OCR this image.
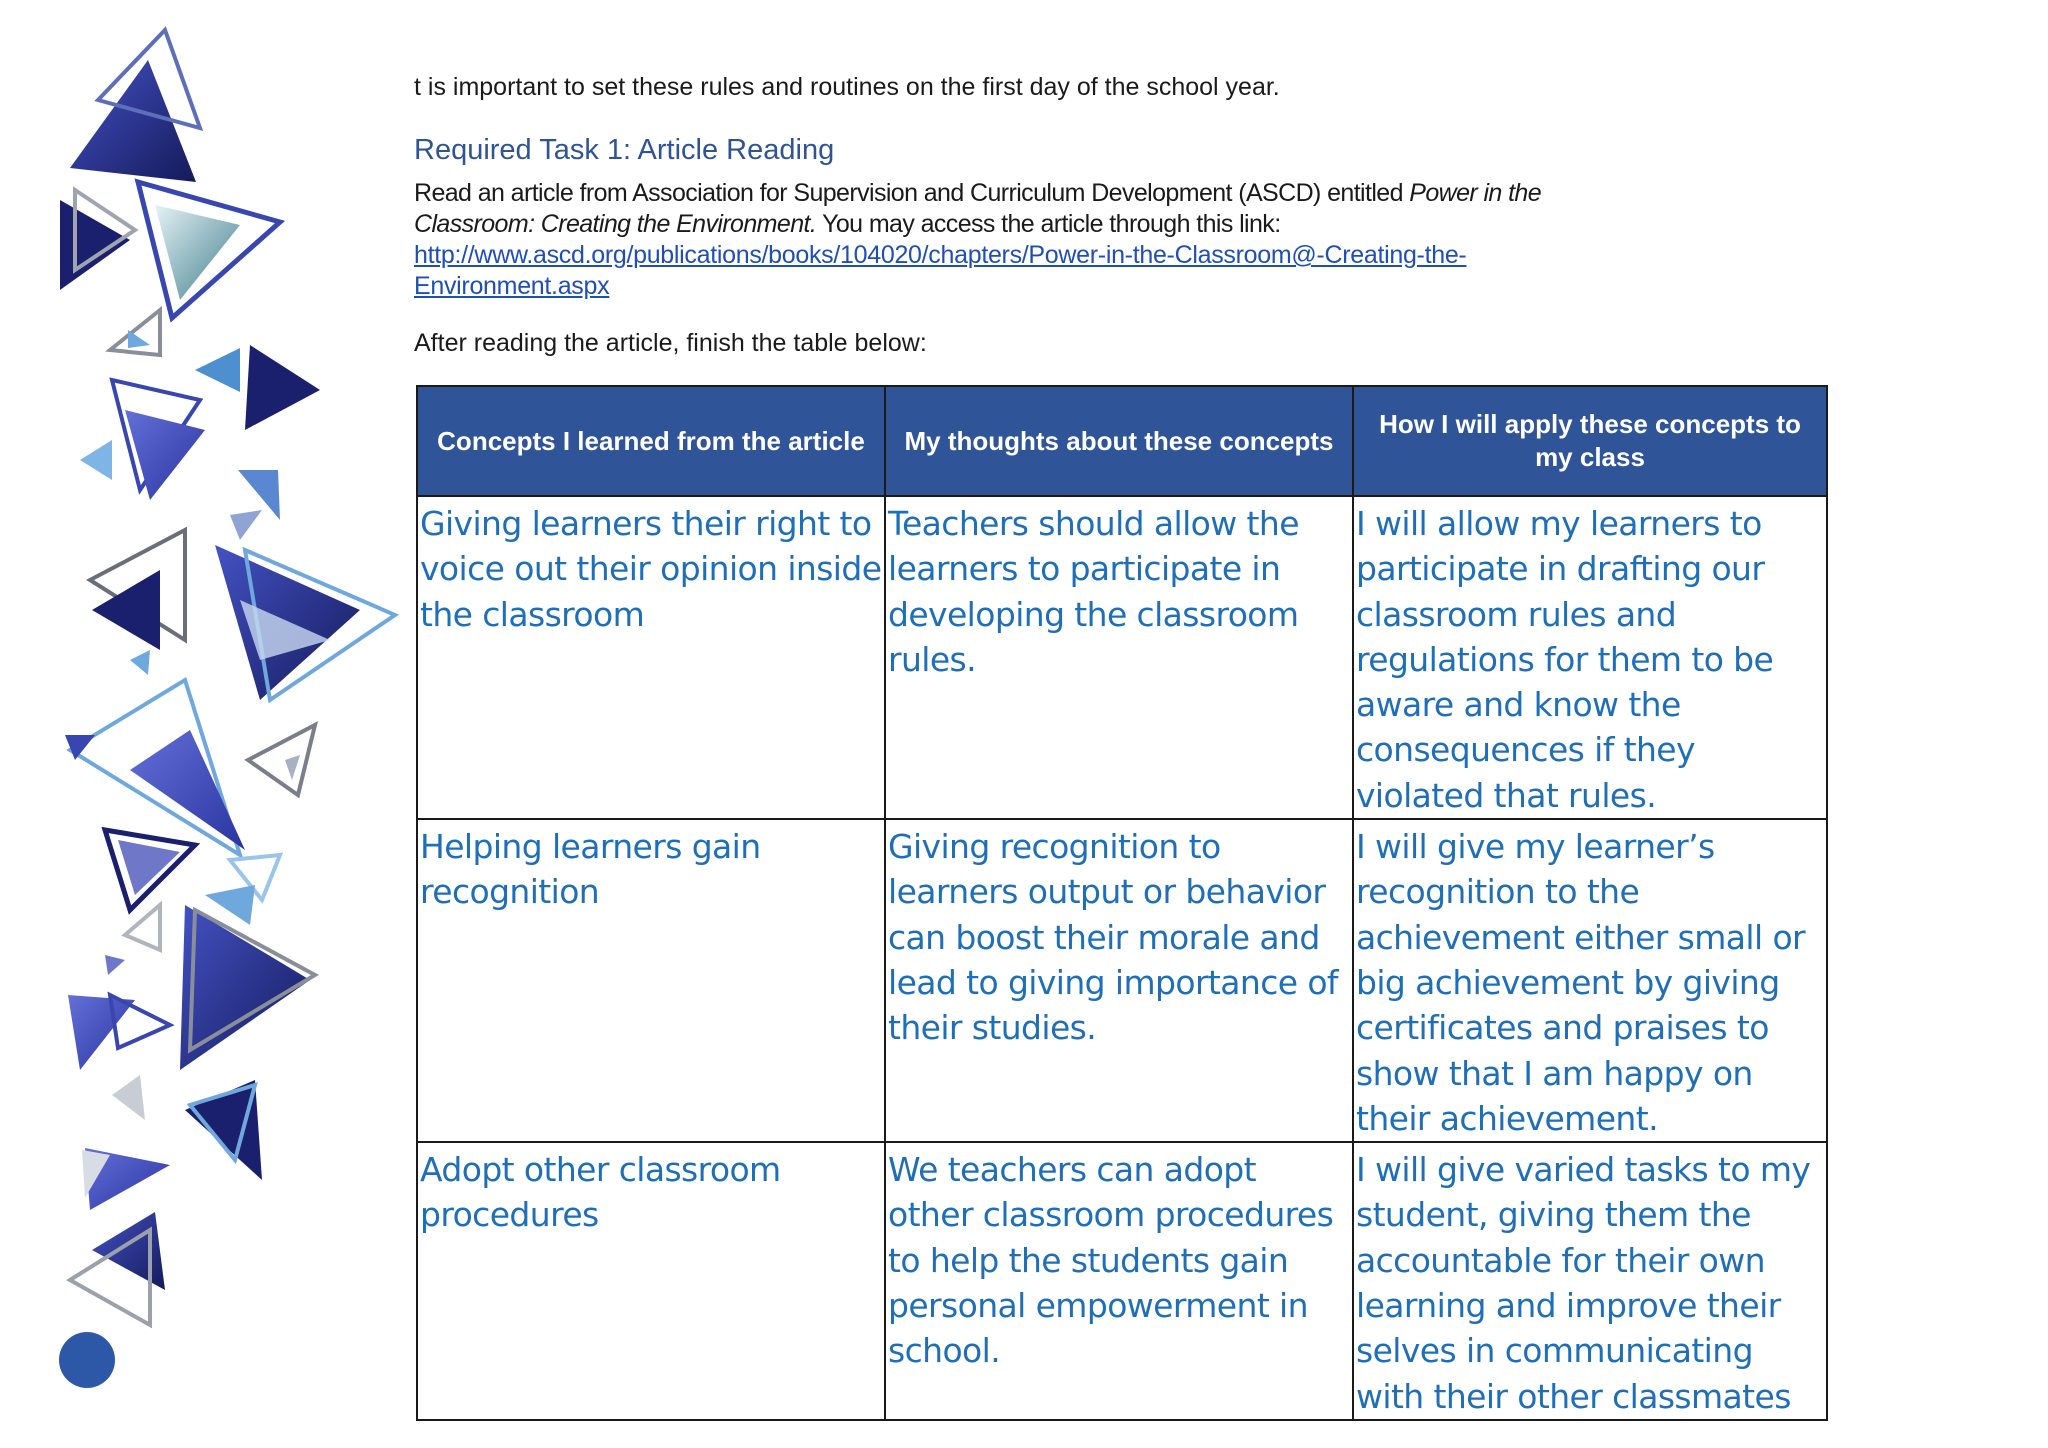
t is important to set these rules and routines on the first day of the school year.

Required Task 1: Article Reading

Read an article from Association for Supervision and Curriculum Development (ASCD) entitled Power in the Classroom: Creating the Environment. You may access the article through this link: http://www.ascd.org/publications/books/104020/chapters/Power-in-the-Classroom@-Creating-the-Environment.aspx

After reading the article, finish the table below:

Concepts I learned from the article	My thoughts about these concepts	How I will apply these concepts to my class
Giving learners their right to voice out their opinion inside the classroom	Teachers should allow the learners to participate in developing the classroom rules.	I will allow my learners to participate in drafting our classroom rules and regulations for them to be aware and know the consequences if they violated that rules.
Helping learners gain recognition	Giving recognition to learners output or behavior can boost their morale and lead to giving importance of their studies.	I will give my learner’s recognition to the achievement either small or big achievement by giving certificates and praises to show that I am happy on their achievement.
Adopt other classroom procedures	We teachers can adopt other classroom procedures to help the students gain personal empowerment in school.	I will give varied tasks to my student, giving them the accountable for their own learning and improve their selves in communicating with their other classmates
